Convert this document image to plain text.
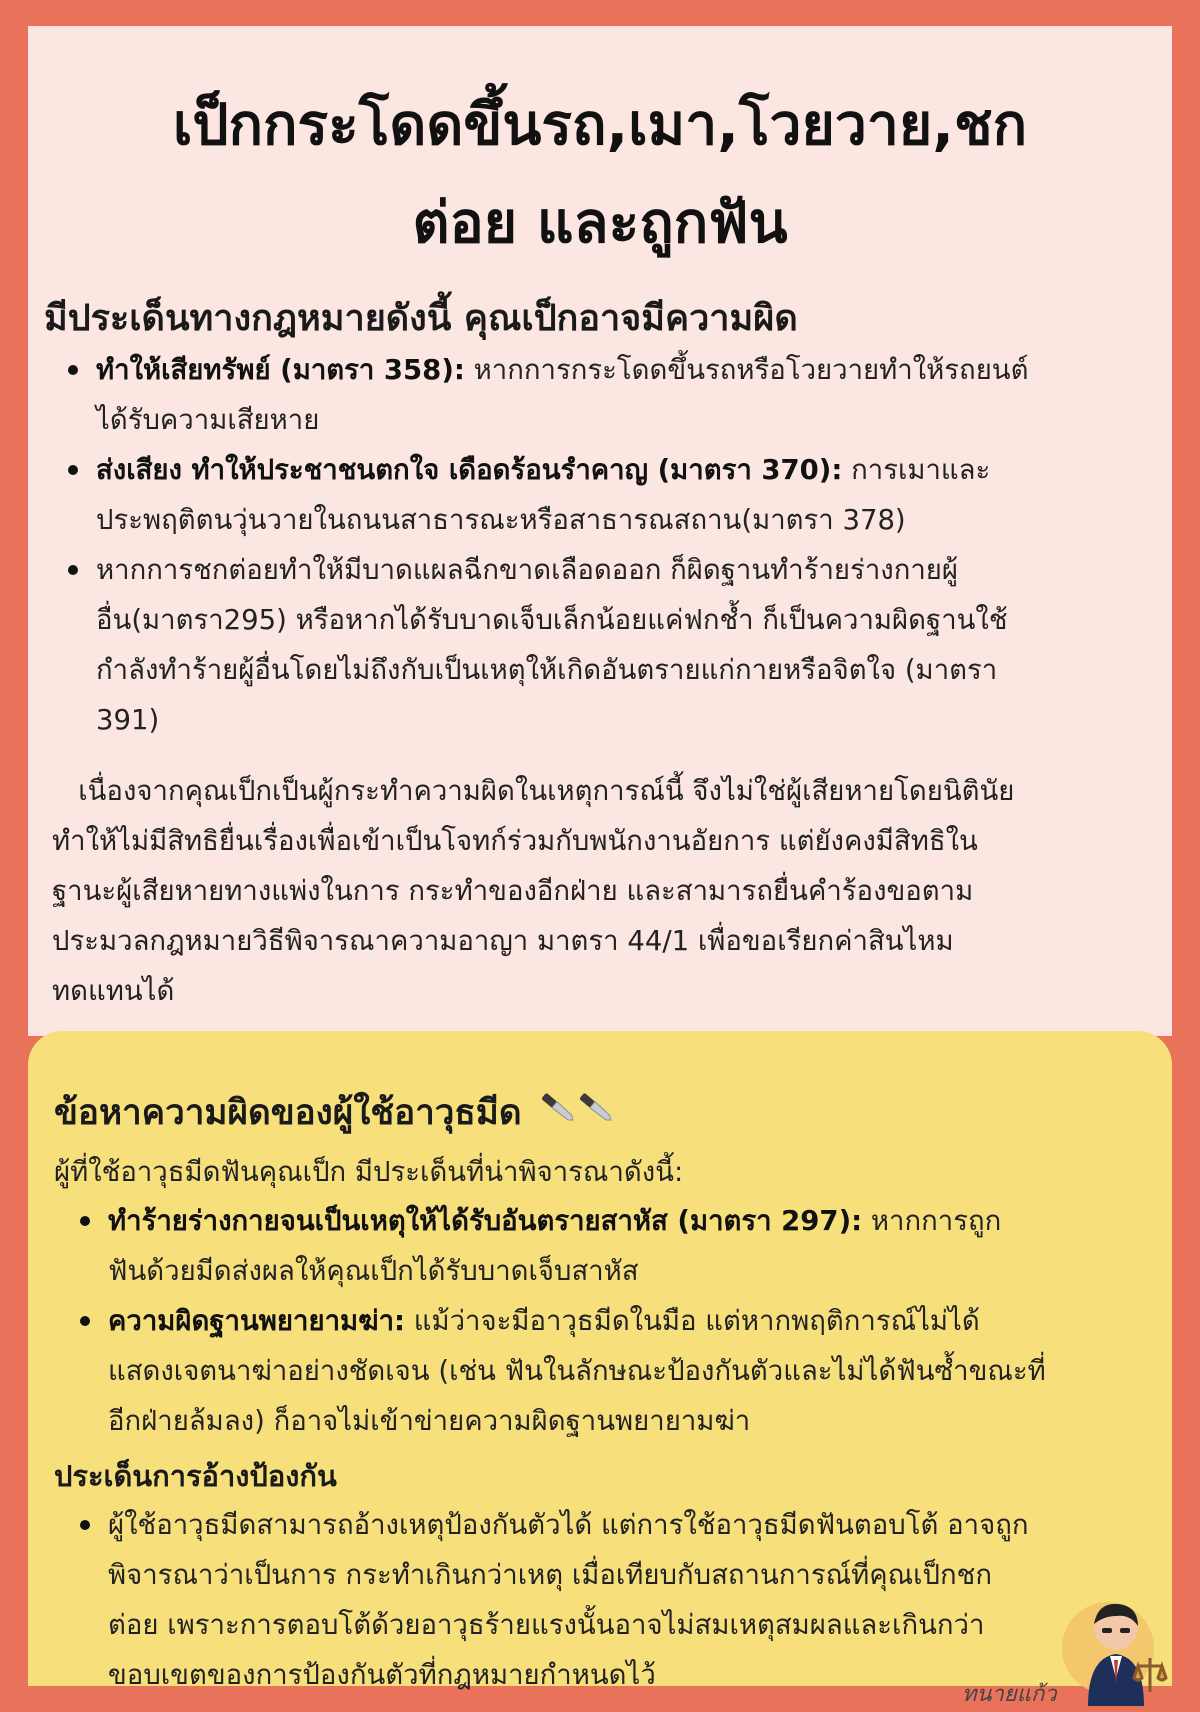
เป็กกระโดดขึ้นรถ,เมา,โวยวาย,ชก
ต่อย และถูกฟัน
มีประเด็นทางกฎหมายดังนี้ คุณเป็กอาจมีความผิด
ทำให้เสียทรัพย์ (มาตรา 358): หากการกระโดดขึ้นรถหรือโวยวายทำให้รถยนต์
ได้รับความเสียหาย
ส่งเสียง ทำให้ประชาชนตกใจ เดือดร้อนรำคาญ (มาตรา 370): การเมาและ
ประพฤติตนวุ่นวายในถนนสาธารณะหรือสาธารณสถาน(มาตรา 378)
หากการชกต่อยทำให้มีบาดแผลฉีกขาดเลือดออก ก็ผิดฐานทำร้ายร่างกายผู้
อื่น(มาตรา295) หรือหากได้รับบาดเจ็บเล็กน้อยแค่ฟกช้ำ ก็เป็นความผิดฐานใช้
กำลังทำร้ายผู้อื่นโดยไม่ถึงกับเป็นเหตุให้เกิดอันตรายแก่กายหรือจิตใจ (มาตรา
391)

เนื่องจากคุณเป็กเป็นผู้กระทำความผิดในเหตุการณ์นี้ จึงไม่ใช่ผู้เสียหายโดยนิตินัย
ทำให้ไม่มีสิทธิยื่นเรื่องเพื่อเข้าเป็นโจทก์ร่วมกับพนักงานอัยการ แต่ยังคงมีสิทธิใน
ฐานะผู้เสียหายทางแพ่งในการ กระทำของอีกฝ่าย และสามารถยื่นคำร้องขอตาม
ประมวลกฎหมายวิธีพิจารณาความอาญา มาตรา 44/1 เพื่อขอเรียกค่าสินไหม
ทดแทนได้

ข้อหาความผิดของผู้ใช้อาวุธมีด

ผู้ที่ใช้อาวุธมีดฟันคุณเป็ก มีประเด็นที่น่าพิจารณาดังนี้:

ทำร้ายร่างกายจนเป็นเหตุให้ได้รับอันตรายสาหัส (มาตรา 297): หากการถูก
ฟันด้วยมีดส่งผลให้คุณเป็กได้รับบาดเจ็บสาหัส
ความผิดฐานพยายามฆ่า: แม้ว่าจะมีอาวุธมีดในมือ แต่หากพฤติการณ์ไม่ได้
แสดงเจตนาฆ่าอย่างชัดเจน (เช่น ฟันในลักษณะป้องกันตัวและไม่ได้ฟันซ้ำขณะที่
อีกฝ่ายล้มลง) ก็อาจไม่เข้าข่ายความผิดฐานพยายามฆ่า
ประเด็นการอ้างป้องกัน
ผู้ใช้อาวุธมีดสามารถอ้างเหตุป้องกันตัวได้ แต่การใช้อาวุธมีดฟันตอบโต้ อาจถูก
พิจารณาว่าเป็นการ กระทำเกินกว่าเหตุ เมื่อเทียบกับสถานการณ์ที่คุณเป็กชก
ต่อย เพราะการตอบโต้ด้วยอาวุธร้ายแรงนั้นอาจไม่สมเหตุสมผลและเกินกว่า
ขอบเขตของการป้องกันตัวที่กฎหมายกำหนดไว้
ทนายแก้ว
